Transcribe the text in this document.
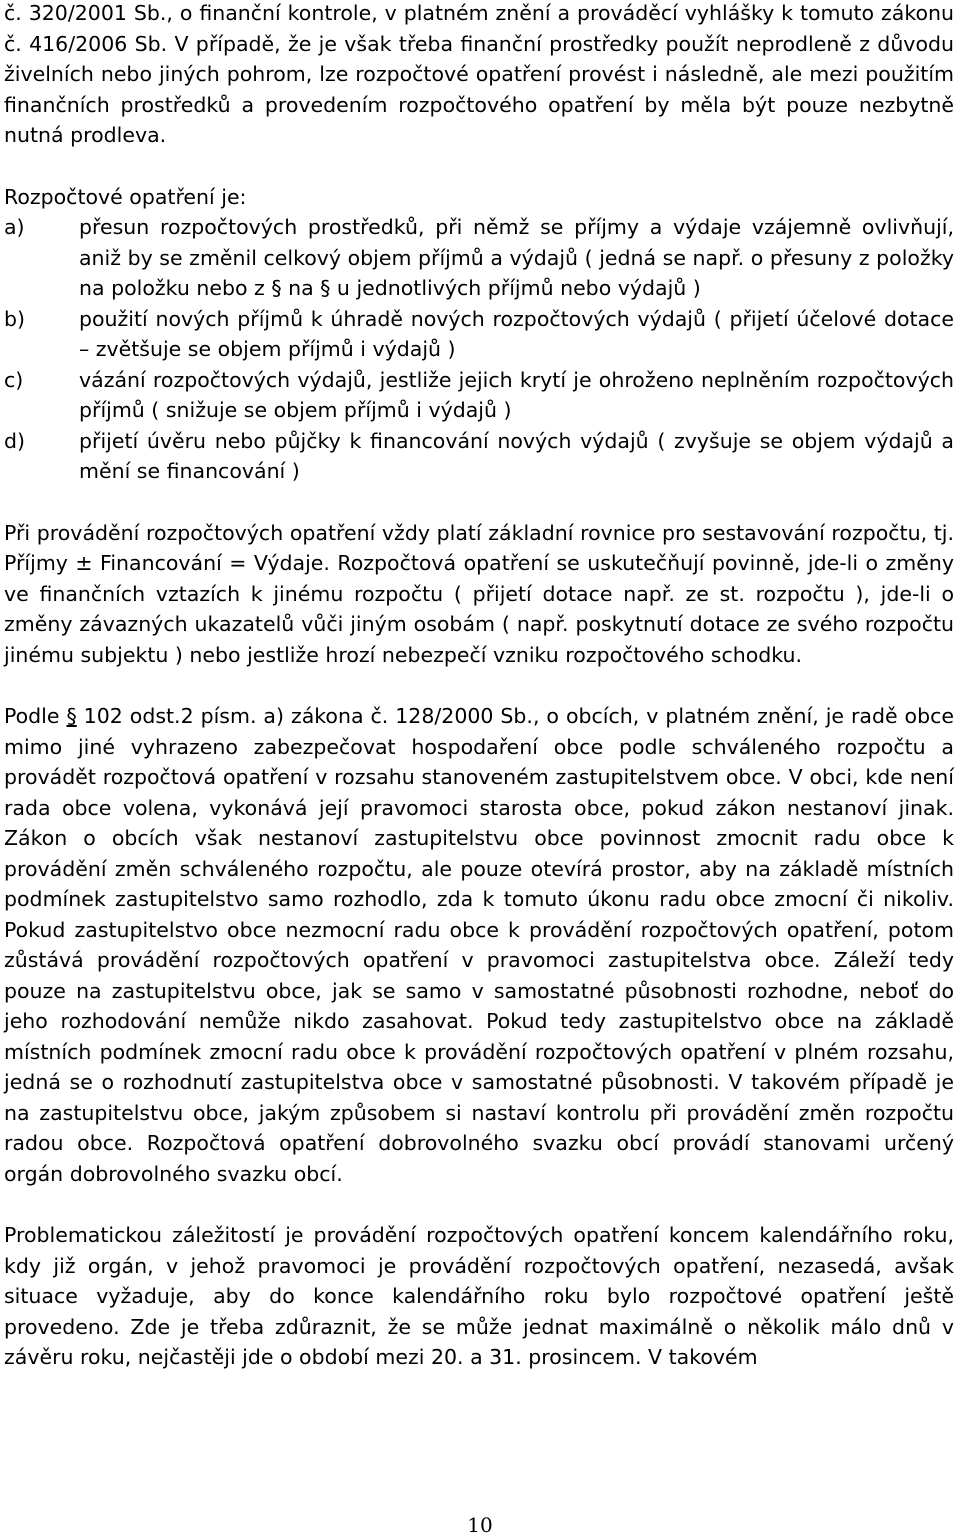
č. 320/2001 Sb., o finanční kontrole, v platném znění a prováděcí vyhlášky k tomuto zákonu č. 416/2006 Sb. V případě, že je však třeba finanční prostředky použít neprodleně z důvodu živelních nebo jiných pohrom, lze rozpočtové opatření provést i následně, ale mezi použitím finančních prostředků a provedením rozpočtového opatření by měla být pouze nezbytně nutná prodleva.

Rozpočtové opatření je:

a)	přesun rozpočtových prostředků, při němž se příjmy a výdaje vzájemně ovlivňují, aniž by se změnil celkový objem příjmů a výdajů ( jedná se např. o přesuny z položky na položku nebo z § na § u jednotlivých příjmů nebo výdajů )
b)	použití nových příjmů k úhradě nových rozpočtových výdajů ( přijetí účelové dotace – zvětšuje se objem příjmů i výdajů )
c)	vázání rozpočtových výdajů, jestliže jejich krytí je ohroženo neplněním rozpočtových příjmů ( snižuje se objem příjmů i výdajů )
d)	přijetí úvěru nebo půjčky k financování nových výdajů ( zvyšuje se objem výdajů a mění se financování )

Při provádění rozpočtových opatření vždy platí základní rovnice pro sestavování rozpočtu, tj. Příjmy ± Financování = Výdaje. Rozpočtová opatření se uskutečňují povinně, jde-li o změny ve finančních vztazích k jinému rozpočtu ( přijetí dotace např. ze st. rozpočtu ), jde-li o změny závazných ukazatelů vůči jiným osobám ( např. poskytnutí dotace ze svého rozpočtu jinému subjektu ) nebo jestliže hrozí nebezpečí vzniku rozpočtového schodku.

Podle § 102 odst.2 písm. a) zákona č. 128/2000 Sb., o obcích, v platném znění, je radě obce mimo jiné vyhrazeno zabezpečovat hospodaření obce podle schváleného rozpočtu a provádět rozpočtová opatření v rozsahu stanoveném zastupitelstvem obce. V obci, kde není rada obce volena, vykonává její pravomoci starosta obce, pokud zákon nestanoví jinak. Zákon o obcích však nestanoví zastupitelstvu obce povinnost zmocnit radu obce k provádění změn schváleného rozpočtu, ale pouze otevírá prostor, aby na základě místních podmínek zastupitelstvo samo rozhodlo, zda k tomuto úkonu radu obce zmocní či nikoliv. Pokud zastupitelstvo obce nezmocní radu obce k provádění rozpočtových opatření, potom zůstává provádění rozpočtových opatření v pravomoci zastupitelstva obce. Záleží tedy pouze na zastupitelstvu obce, jak se samo v samostatné působnosti rozhodne, neboť do jeho rozhodování nemůže nikdo zasahovat. Pokud tedy zastupitelstvo obce na základě místních podmínek zmocní radu obce k provádění rozpočtových opatření v plném rozsahu, jedná se o rozhodnutí zastupitelstva obce v samostatné působnosti. V takovém případě je na zastupitelstvu obce, jakým způsobem si nastaví kontrolu při provádění změn rozpočtu radou obce. Rozpočtová opatření dobrovolného svazku obcí provádí stanovami určený orgán dobrovolného svazku obcí.

Problematickou záležitostí je provádění rozpočtových opatření koncem kalendářního roku, kdy již orgán, v jehož pravomoci je provádění rozpočtových opatření, nezasedá, avšak situace vyžaduje, aby do konce kalendářního roku bylo rozpočtové opatření ještě provedeno. Zde je třeba zdůraznit, že se může jednat maximálně o několik málo dnů v závěru roku, nejčastěji jde o období mezi 20. a 31. prosincem. V takovém

10
